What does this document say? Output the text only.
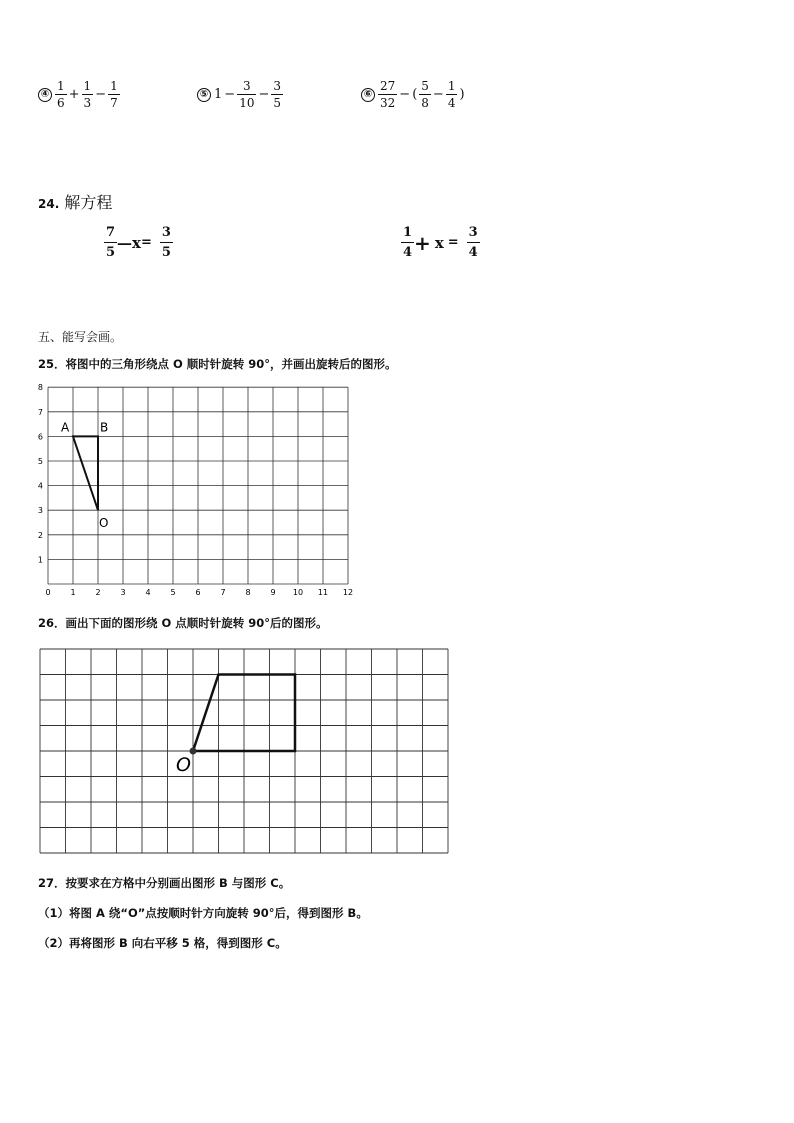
④ $\frac{1}{6} + \frac{1}{3} - \frac{1}{7}$	⑤ $1 - \frac{3}{10} - \frac{3}{5}$	⑥ $\frac{27}{32}$ − ( $\frac{5}{8} - \frac{1}{4}$ )
24. 解方程
$\frac{7}{5}$ — $x = \frac{3}{5}$	$\frac{1}{4} + x = \frac{3}{4}$
五、能写会画。
25．将图中的三角形绕点 O 顺时针旋转 90°，并画出旋转后的图形。
0 1 2 3 4 5 6 7 8 9 10 11 12
1
2
3
4
5
6
7
8
A	B
O
26．画出下面的图形绕 O 点顺时针旋转 90°后的图形。
O
27．按要求在方格中分别画出图形 B 与图形 C。
（1）将图 A 绕“O”点按顺时针方向旋转 90°后，得到图形 B。
（2）再将图形 B 向右平移 5 格，得到图形 C。
